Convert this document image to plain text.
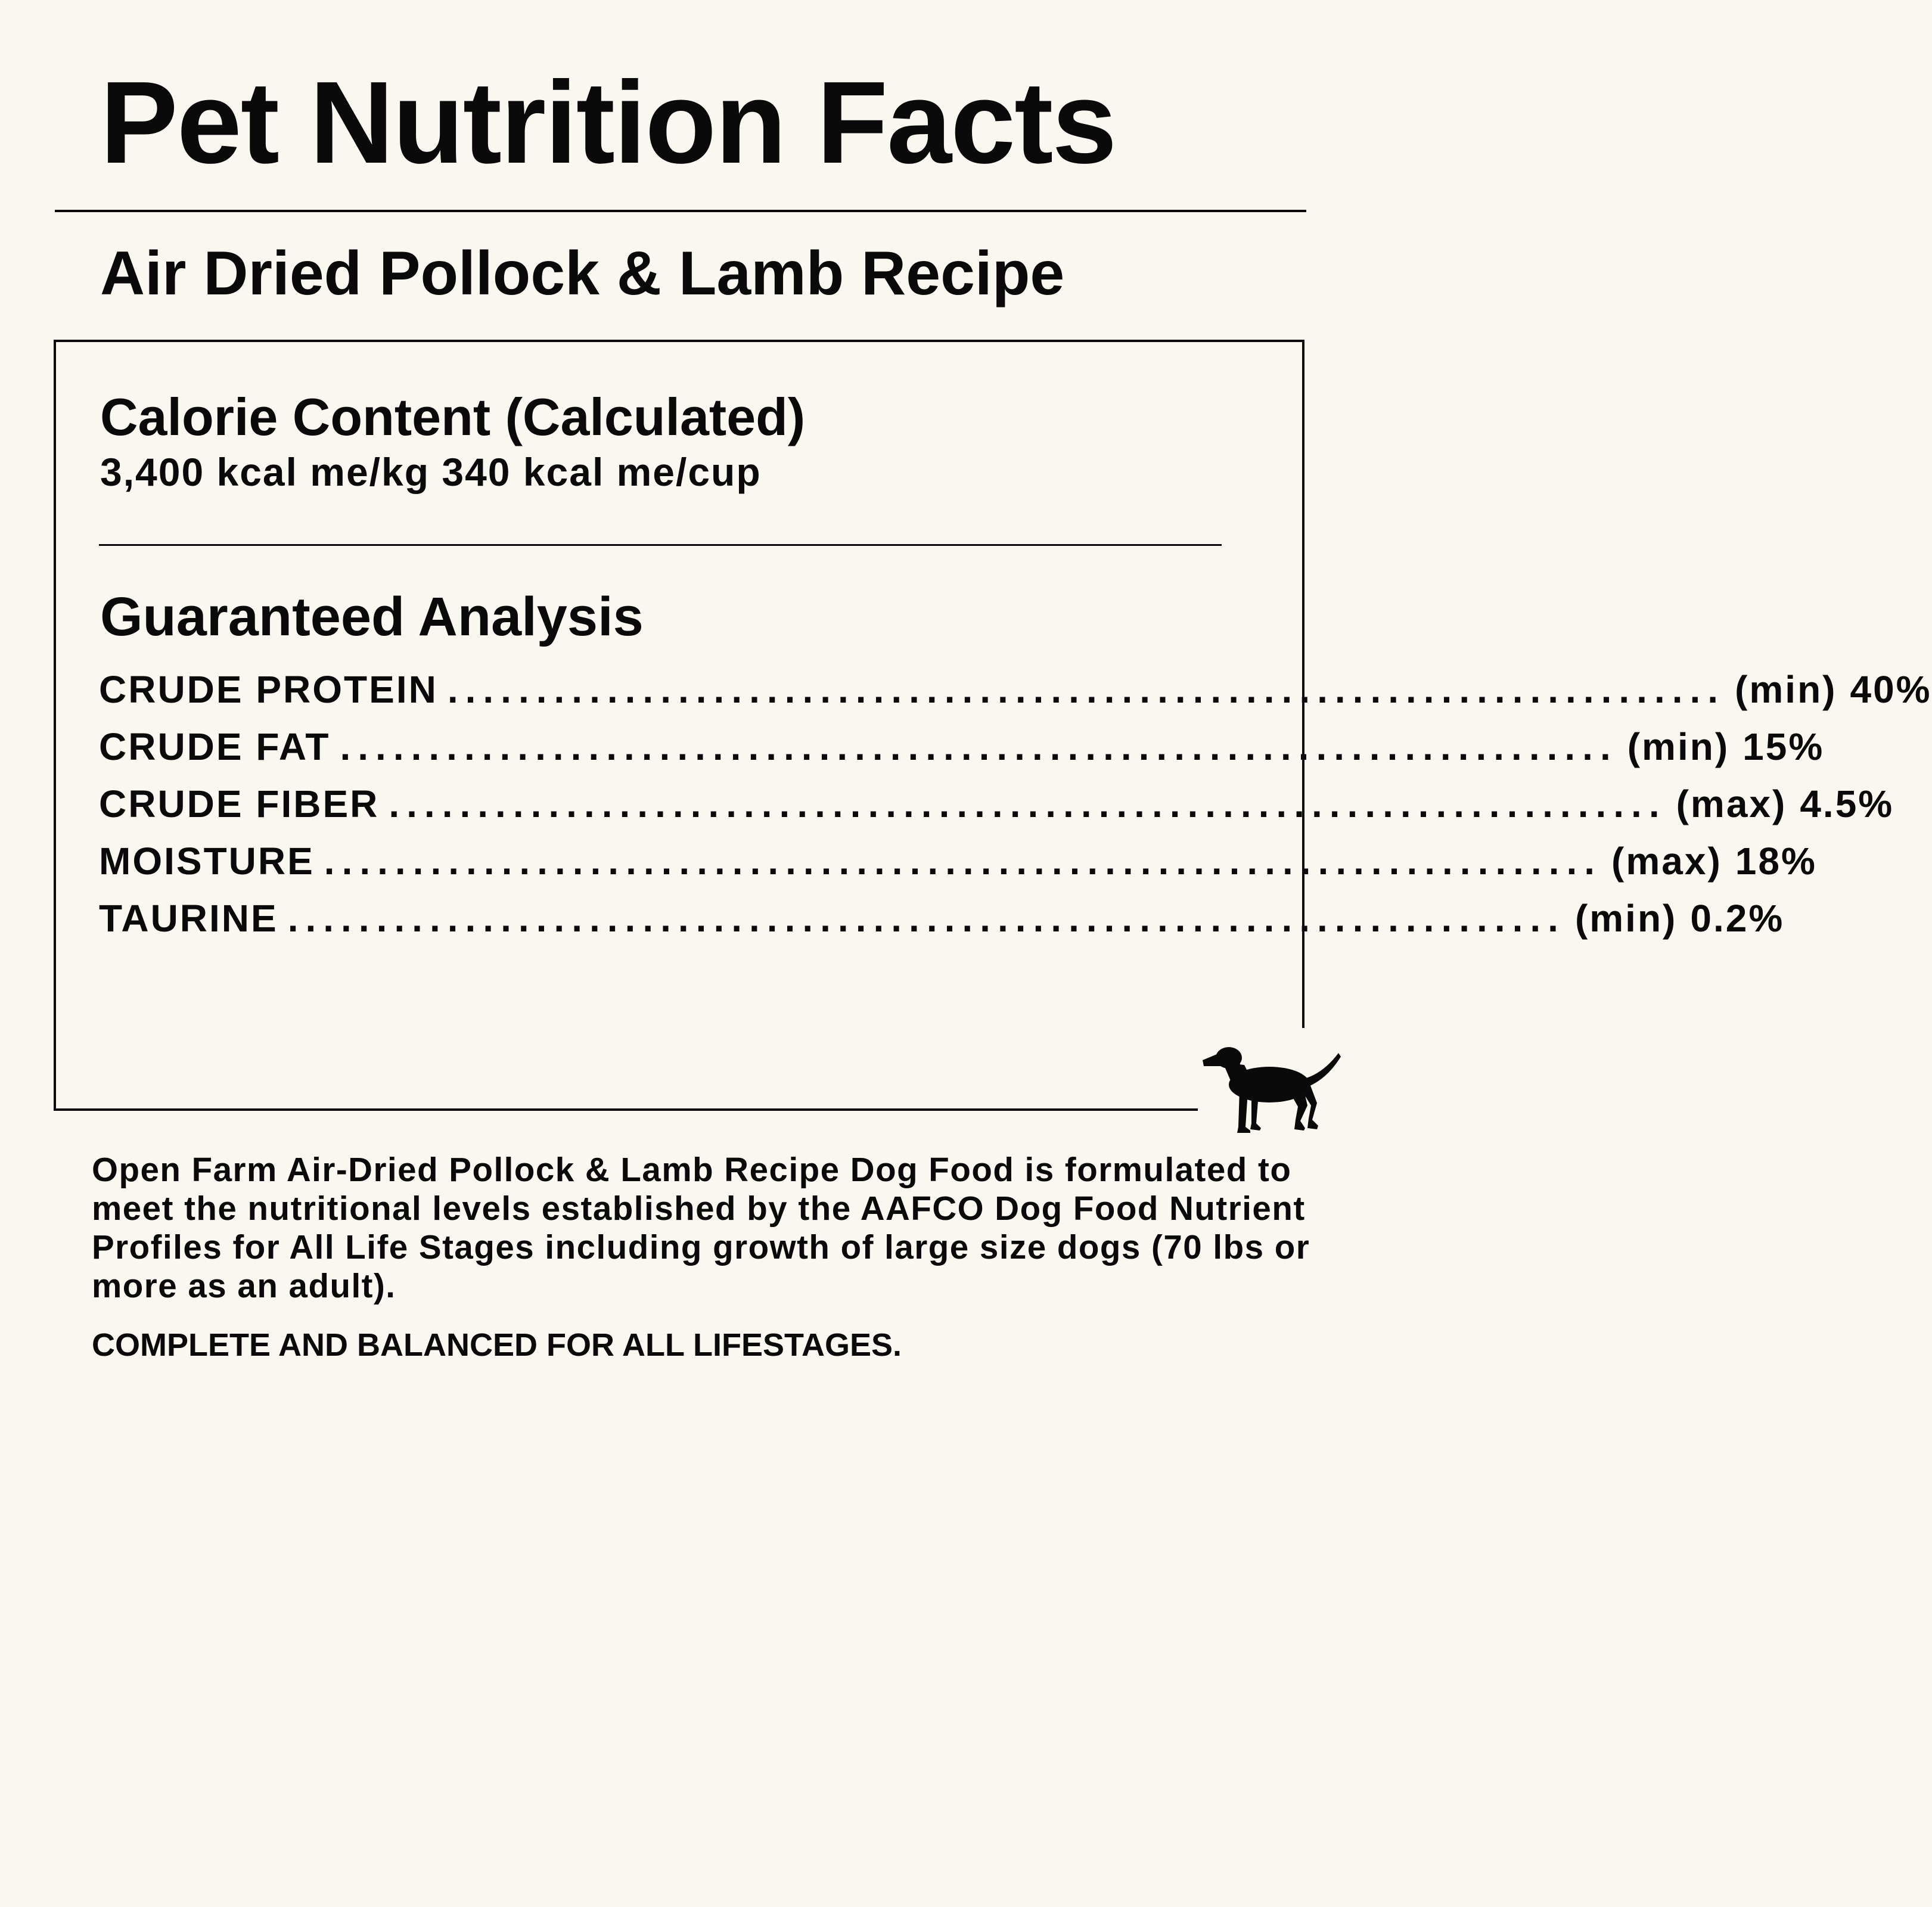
Pet Nutrition Facts
Air Dried Pollock & Lamb Recipe
Calorie Content (Calculated)

3,400 kcal me/kg 340 kcal me/cup

Guaranteed Analysis
CRUDE PROTEIN ........................................................................ (min) 40%
CRUDE FAT ........................................................................ (min) 15%
CRUDE FIBER ........................................................................ (max) 4.5%
MOISTURE ........................................................................ (max) 18%
TAURINE ........................................................................ (min) 0.2%

Open Farm Air-Dried Pollock & Lamb Recipe Dog Food is formulated to meet the nutritional levels established by the AAFCO Dog Food Nutrient Profiles for All Life Stages including growth of large size dogs (70 lbs or more as an adult).

COMPLETE AND BALANCED FOR ALL LIFESTAGES.
